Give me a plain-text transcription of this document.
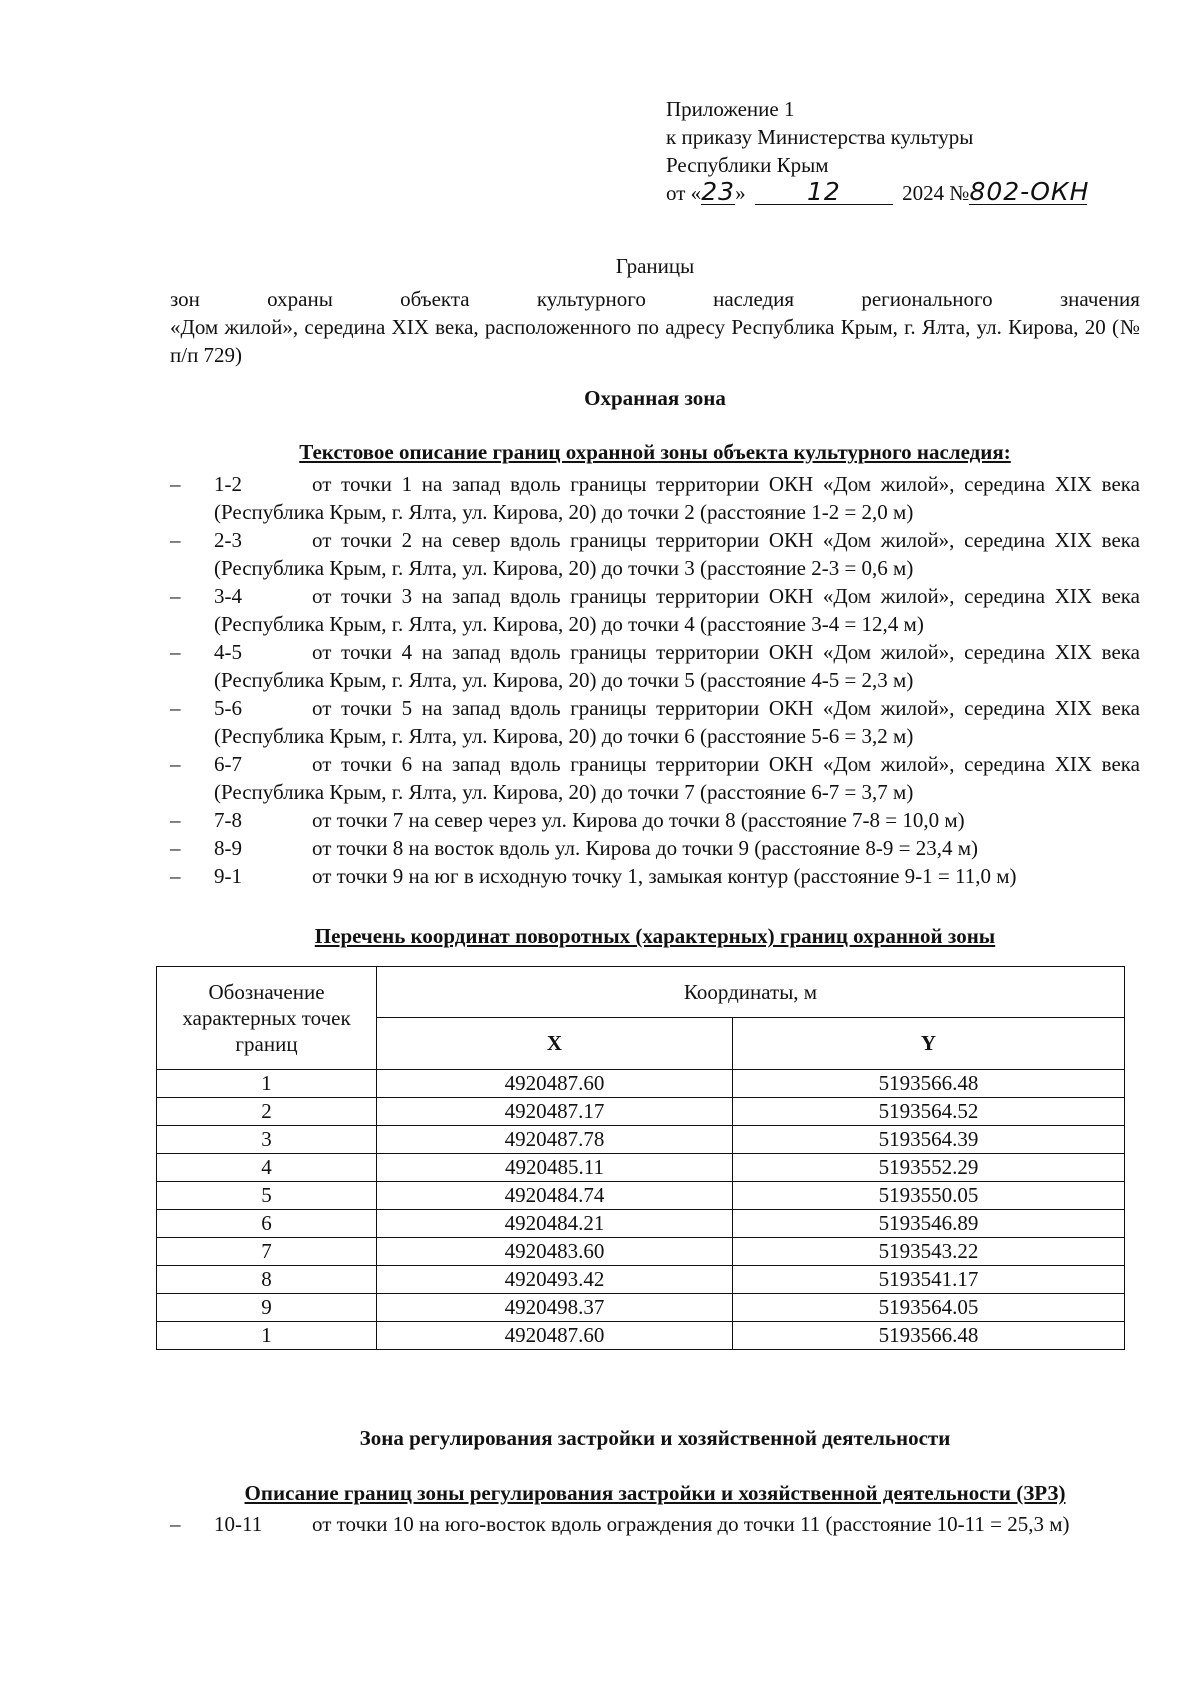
Приложение 1
к приказу Министерства культуры
Республики Крым
от «23» 12	2024 №802-ОКН
Границы
зон	охраны	объекта	культурного	наследия	регионального	значения
«Дом жилой», середина XIX века, расположенного по адресу Республика Крым, г. Ялта, ул. Кирова, 20 (№ п/п 729)
Охранная зона
Текстовое описание границ охранной зоны объекта культурного наследия:
– 1-2	от точки 1 на запад вдоль границы территории ОКН «Дом жилой», середина XIX века (Республика Крым, г. Ялта, ул. Кирова, 20) до точки 2 (расстояние 1-2 = 2,0 м)
– 2-3	от точки 2 на север вдоль границы территории ОКН «Дом жилой», середина XIX века (Республика Крым, г. Ялта, ул. Кирова, 20) до точки 3 (расстояние 2-3 = 0,6 м)
– 3-4	от точки 3 на запад вдоль границы территории ОКН «Дом жилой», середина XIX века (Республика Крым, г. Ялта, ул. Кирова, 20) до точки 4 (расстояние 3-4 = 12,4 м)
– 4-5	от точки 4 на запад вдоль границы территории ОКН «Дом жилой», середина XIX века (Республика Крым, г. Ялта, ул. Кирова, 20) до точки 5 (расстояние 4-5 = 2,3 м)
– 5-6	от точки 5 на запад вдоль границы территории ОКН «Дом жилой», середина XIX века (Республика Крым, г. Ялта, ул. Кирова, 20) до точки 6 (расстояние 5-6 = 3,2 м)
– 6-7	от точки 6 на запад вдоль границы территории ОКН «Дом жилой», середина XIX века (Республика Крым, г. Ялта, ул. Кирова, 20) до точки 7 (расстояние 6-7 = 3,7 м)
– 7-8	от точки 7 на север через ул. Кирова до точки 8 (расстояние 7-8 = 10,0 м)
– 8-9	от точки 8 на восток вдоль ул. Кирова до точки 9 (расстояние 8-9 = 23,4 м)
– 9-1	от точки 9 на юг в исходную точку 1, замыкая контур (расстояние 9-1 = 11,0 м)
Перечень координат поворотных (характерных) границ охранной зоны
Обозначение характерных точек границ	Координаты, м	
	X	Y
1	4920487.60	5193566.48
2	4920487.17	5193564.52
3	4920487.78	5193564.39
4	4920485.11	5193552.29
5	4920484.74	5193550.05
6	4920484.21	5193546.89
7	4920483.60	5193543.22
8	4920493.42	5193541.17
9	4920498.37	5193564.05
1	4920487.60	5193566.48
Зона регулирования застройки и хозяйственной деятельности
Описание границ зоны регулирования застройки и хозяйственной деятельности (ЗРЗ)
– 10-11 от точки 10 на юго-восток вдоль ограждения до точки 11 (расстояние 10-11 = 25,3 м)
